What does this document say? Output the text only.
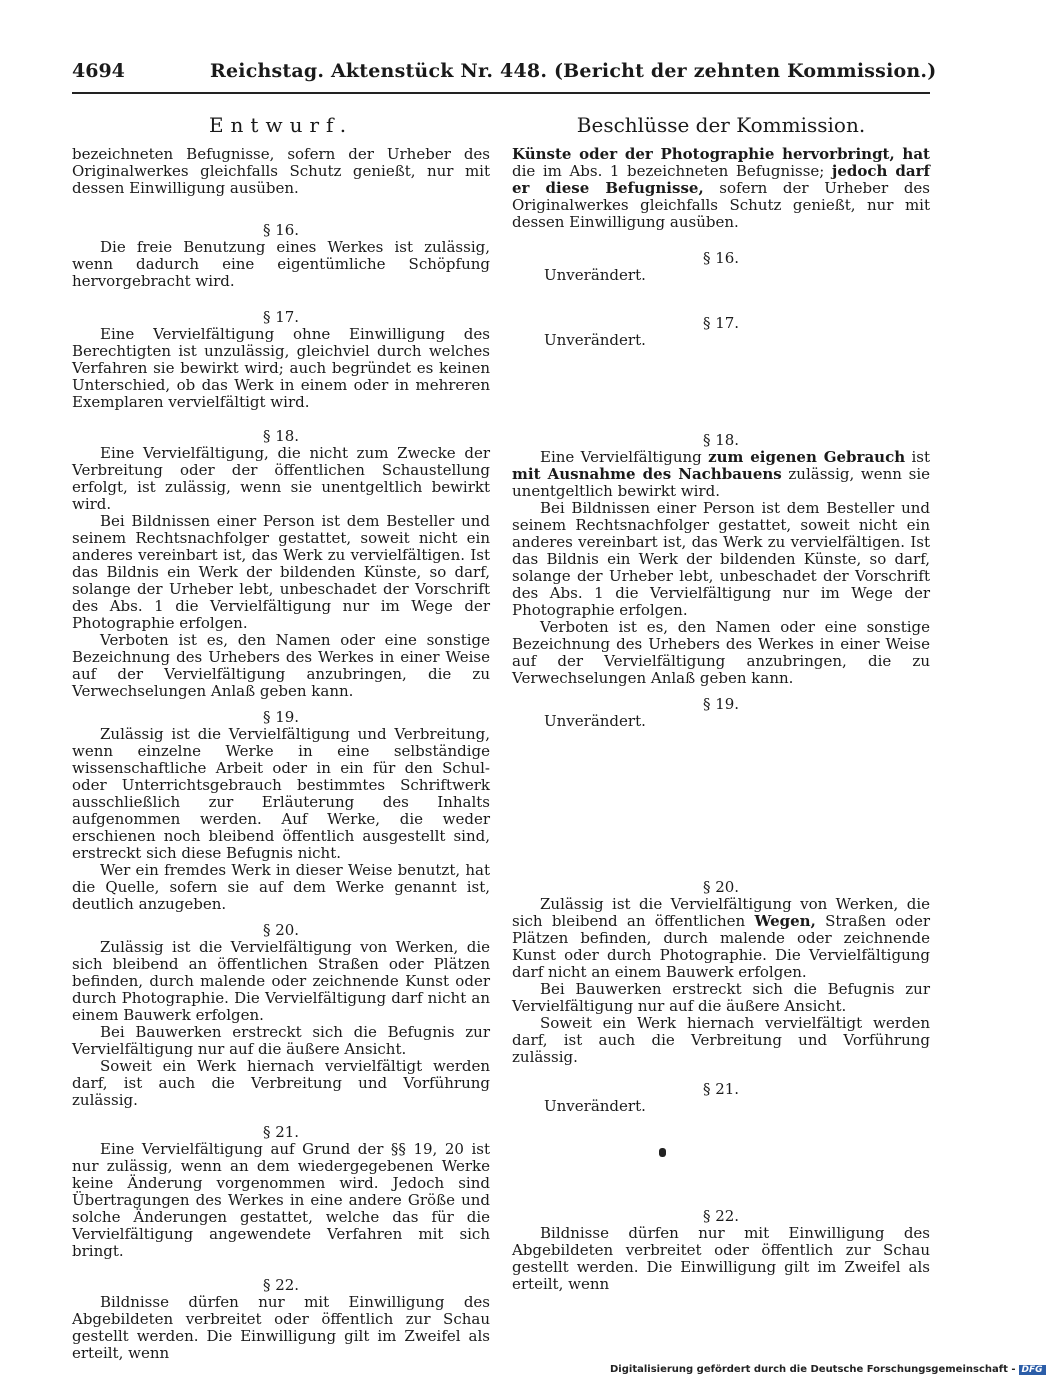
4694	Reichstag. Aktenstück Nr. 448. (Bericht der zehnten Kommission.)
Entwurf.

bezeichneten Befugnisse, sofern der Urheber des Originalwerkes gleichfalls Schutz genießt, nur mit dessen Einwilligung ausüben.

§ 16.

Die freie Benutzung eines Werkes ist zulässig, wenn dadurch eine eigentümliche Schöpfung hervorgebracht wird.

§ 17.

Eine Vervielfältigung ohne Einwilligung des Berechtigten ist unzulässig, gleichviel durch welches Verfahren sie bewirkt wird; auch begründet es keinen Unterschied, ob das Werk in einem oder in mehreren Exemplaren vervielfältigt wird.

§ 18.

Eine Vervielfältigung, die nicht zum Zwecke der Verbreitung oder der öffentlichen Schaustellung erfolgt, ist zulässig, wenn sie unentgeltlich bewirkt wird.

Bei Bildnissen einer Person ist dem Besteller und seinem Rechtsnachfolger gestattet, soweit nicht ein anderes vereinbart ist, das Werk zu vervielfältigen. Ist das Bildnis ein Werk der bildenden Künste, so darf, solange der Urheber lebt, unbeschadet der Vorschrift des Abs. 1 die Vervielfältigung nur im Wege der Photographie erfolgen.

Verboten ist es, den Namen oder eine sonstige Bezeichnung des Urhebers des Werkes in einer Weise auf der Vervielfältigung anzubringen, die zu Verwechselungen Anlaß geben kann.

§ 19.

Zulässig ist die Vervielfältigung und Verbreitung, wenn einzelne Werke in eine selbständige wissenschaftliche Arbeit oder in ein für den Schul- oder Unterrichtsgebrauch bestimmtes Schriftwerk ausschließlich zur Erläuterung des Inhalts aufgenommen werden. Auf Werke, die weder erschienen noch bleibend öffentlich ausgestellt sind, erstreckt sich diese Befugnis nicht.

Wer ein fremdes Werk in dieser Weise benutzt, hat die Quelle, sofern sie auf dem Werke genannt ist, deutlich anzugeben.

§ 20.

Zulässig ist die Vervielfältigung von Werken, die sich bleibend an öffentlichen Straßen oder Plätzen befinden, durch malende oder zeichnende Kunst oder durch Photographie. Die Vervielfältigung darf nicht an einem Bauwerk erfolgen.

Bei Bauwerken erstreckt sich die Befugnis zur Vervielfältigung nur auf die äußere Ansicht.

Soweit ein Werk hiernach vervielfältigt werden darf, ist auch die Verbreitung und Vorführung zulässig.

§ 21.

Eine Vervielfältigung auf Grund der §§ 19, 20 ist nur zulässig, wenn an dem wiedergegebenen Werke keine Änderung vorgenommen wird. Jedoch sind Übertragungen des Werkes in eine andere Größe und solche Änderungen gestattet, welche das für die Vervielfältigung angewendete Verfahren mit sich bringt.

§ 22.

Bildnisse dürfen nur mit Einwilligung des Abgebildeten verbreitet oder öffentlich zur Schau gestellt werden. Die Einwilligung gilt im Zweifel als erteilt, wenn

Beschlüsse der Kommission.

Künste oder der Photographie hervorbringt, hat die im Abs. 1 bezeichneten Befugnisse; jedoch darf er diese Befugnisse, sofern der Urheber des Originalwerkes gleichfalls Schutz genießt, nur mit dessen Einwilligung ausüben.

§ 16.
Unverändert.
§ 17.
Unverändert.
§ 18.

Eine Vervielfältigung zum eigenen Gebrauch ist mit Ausnahme des Nachbauens zulässig, wenn sie unentgeltlich bewirkt wird.

Bei Bildnissen einer Person ist dem Besteller und seinem Rechtsnachfolger gestattet, soweit nicht ein anderes vereinbart ist, das Werk zu vervielfältigen. Ist das Bildnis ein Werk der bildenden Künste, so darf, solange der Urheber lebt, unbeschadet der Vorschrift des Abs. 1 die Vervielfältigung nur im Wege der Photographie erfolgen.

Verboten ist es, den Namen oder eine sonstige Bezeichnung des Urhebers des Werkes in einer Weise auf der Vervielfältigung anzubringen, die zu Verwechselungen Anlaß geben kann.

§ 19.
Unverändert.
§ 20.

Zulässig ist die Vervielfältigung von Werken, die sich bleibend an öffentlichen Wegen, Straßen oder Plätzen befinden, durch malende oder zeichnende Kunst oder durch Photographie. Die Vervielfältigung darf nicht an einem Bauwerk erfolgen.

Bei Bauwerken erstreckt sich die Befugnis zur Vervielfältigung nur auf die äußere Ansicht.

Soweit ein Werk hiernach vervielfältigt werden darf, ist auch die Verbreitung und Vorführung zulässig.

§ 21.
Unverändert.
§ 22.

Bildnisse dürfen nur mit Einwilligung des Abgebildeten verbreitet oder öffentlich zur Schau gestellt werden. Die Einwilligung gilt im Zweifel als erteilt, wenn

Digitalisierung gefördert durch die Deutsche Forschungsgemeinschaft - DFG
